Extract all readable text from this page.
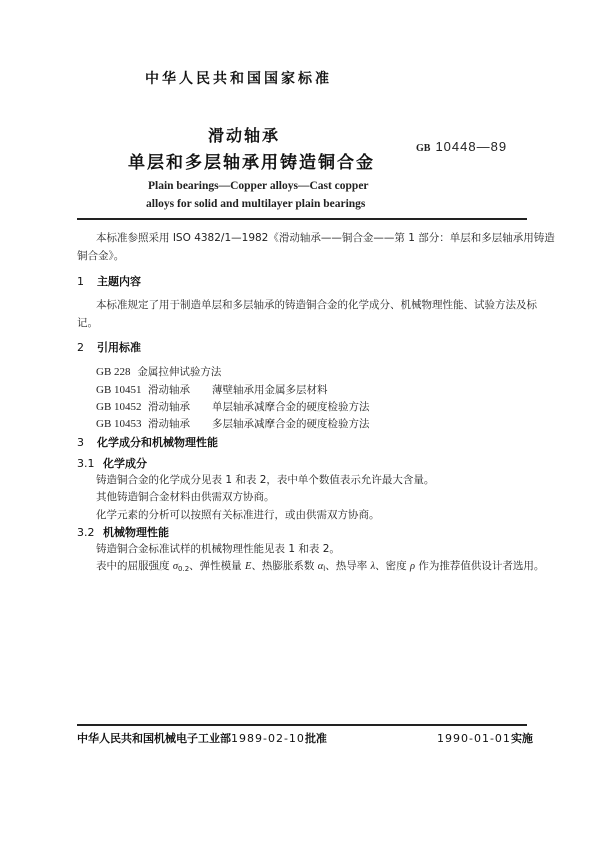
中华人民共和国国家标准
滑动轴承
单层和多层轴承用铸造铜合金
GB 10448—89
Plain bearings—Copper alloys—Cast copper
alloys for solid and multilayer plain bearings
本标准参照采用 ISO 4382/1—1982《滑动轴承——铜合金——第 1 部分：单层和多层轴承用铸造
铜合金》。
1 主题内容
本标准规定了用于制造单层和多层轴承的铸造铜合金的化学成分、机械物理性能、试验方法及标
记。
2 引用标准
GB 228 金属拉伸试验方法
GB 10451 滑动轴承 薄壁轴承用金属多层材料
GB 10452 滑动轴承 单层轴承减摩合金的硬度检验方法
GB 10453 滑动轴承 多层轴承减摩合金的硬度检验方法
3 化学成分和机械物理性能
3.1 化学成分
铸造铜合金的化学成分见表 1 和表 2，表中单个数值表示允许最大含量。
其他铸造铜合金材料由供需双方协商。
化学元素的分析可以按照有关标准进行，或由供需双方协商。
3.2 机械物理性能
铸造铜合金标准试样的机械物理性能见表 1 和表 2。
表中的屈服强度 $\sigma_{0.2}$、弹性模量 E、热膨胀系数 $\alpha_l$、热导率 λ、密度 ρ 作为推荐值供设计者选用。
中华人民共和国机械电子工业部1989-02-10批准	1990-01-01实施
